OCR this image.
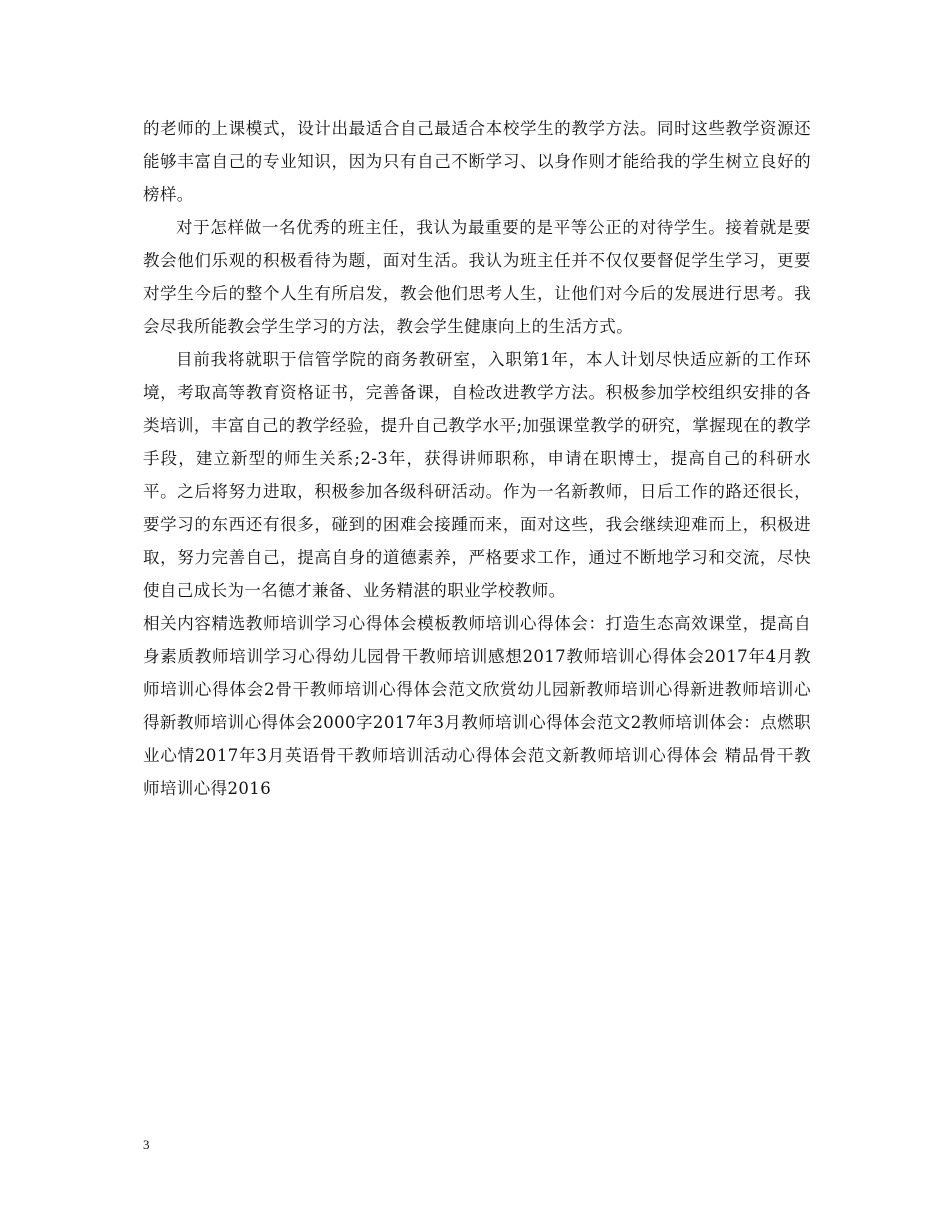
的老师的上课模式，设计出最适合自己最适合本校学生的教学方法。同时这些教学资源还能够丰富自己的专业知识，因为只有自己不断学习、以身作则才能给我的学生树立良好的榜样。

对于怎样做一名优秀的班主任，我认为最重要的是平等公正的对待学生。接着就是要教会他们乐观的积极看待为题，面对生活。我认为班主任并不仅仅要督促学生学习，更要对学生今后的整个人生有所启发，教会他们思考人生，让他们对今后的发展进行思考。我会尽我所能教会学生学习的方法，教会学生健康向上的生活方式。

目前我将就职于信管学院的商务教研室，入职第1年，本人计划尽快适应新的工作环境，考取高等教育资格证书，完善备课，自检改进教学方法。积极参加学校组织安排的各类培训，丰富自己的教学经验，提升自己教学水平;加强课堂教学的研究，掌握现在的教学手段，建立新型的师生关系;2-3年，获得讲师职称，申请在职博士，提高自己的科研水平。之后将努力进取，积极参加各级科研活动。作为一名新教师，日后工作的路还很长，要学习的东西还有很多，碰到的困难会接踵而来，面对这些，我会继续迎难而上，积极进取，努力完善自己，提高自身的道德素养，严格要求工作，通过不断地学习和交流，尽快使自己成长为一名德才兼备、业务精湛的职业学校教师。

相关内容精选教师培训学习心得体会模板教师培训心得体会：打造生态高效课堂，提高自身素质教师培训学习心得幼儿园骨干教师培训感想2017教师培训心得体会2017年4月教师培训心得体会2骨干教师培训心得体会范文欣赏幼儿园新教师培训心得新进教师培训心得新教师培训心得体会2000字2017年3月教师培训心得体会范文2教师培训体会：点燃职业心情2017年3月英语骨干教师培训活动心得体会范文新教师培训心得体会 精品骨干教师培训心得2016

3
